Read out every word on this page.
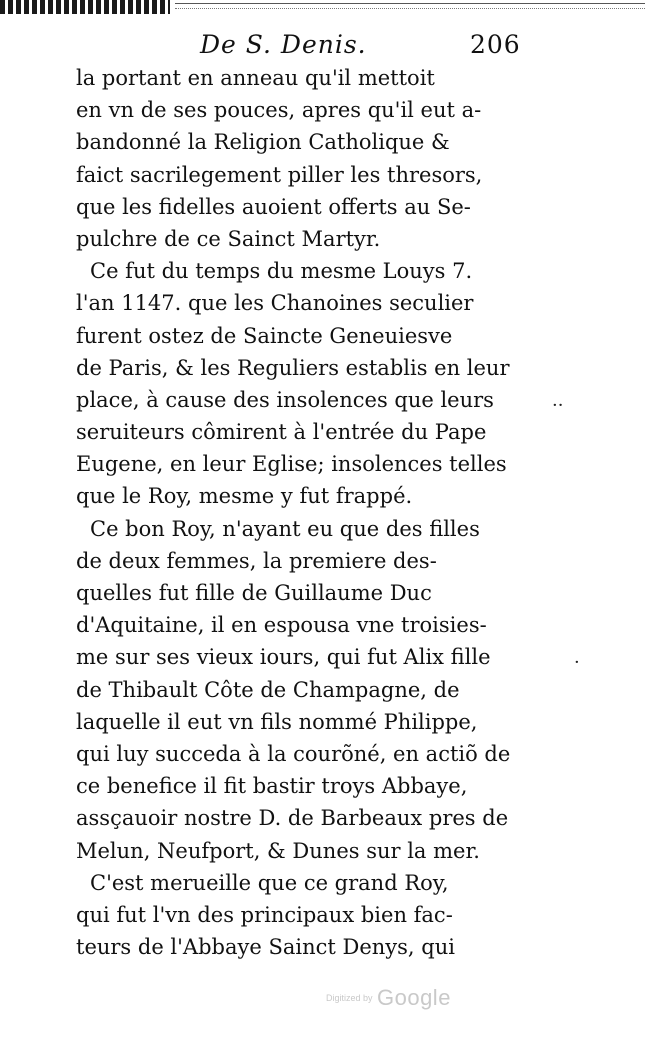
De S. Denis.	206
la portant en anneau qu'il mettoit
en vn de ses pouces, apres qu'il eut a-
bandonné la Religion Catholique &
faict sacrilegement piller les thresors,
que les fidelles auoient offerts au Se-
pulchre de ce Sainct Martyr.
Ce fut du temps du mesme Louys 7.
l'an 1147. que les Chanoines seculier
furent ostez de Saincte Geneuiesve
de Paris, & les Reguliers establis en leur
place, à cause des insolences que leurs
seruiteurs cômirent à l'entrée du Pape
Eugene, en leur Eglise; insolences telles
que le Roy, mesme y fut frappé.
Ce bon Roy, n'ayant eu que des filles
de deux femmes, la premiere des-
quelles fut fille de Guillaume Duc
d'Aquitaine, il en espousa vne troisies-
me sur ses vieux iours, qui fut Alix fille
de Thibault Côte de Champagne, de
laquelle il eut vn fils nommé Philippe,
qui luy succeda à la courõné, en actiõ de
ce benefice il fit bastir troys Abbaye,
assçauoir nostre D. de Barbeaux pres de
Melun, Neufport, & Dunes sur la mer.
C'est merueille que ce grand Roy,
qui fut l'vn des principaux bien fac-
teurs de l'Abbaye Sainct Denys, qui
··
·
Digitized by Google
